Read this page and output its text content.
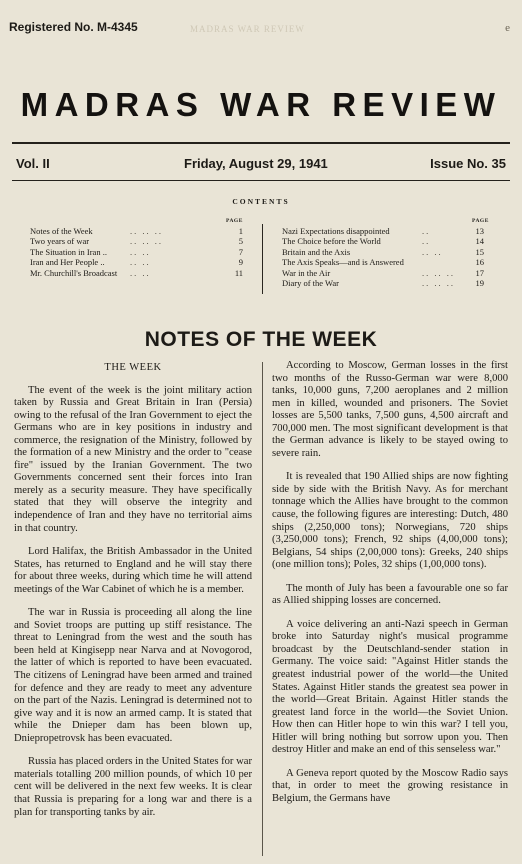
Registered No. M-4345	MADRAS WAR REVIEW	e
MADRAS WAR REVIEW
Vol. II	Friday, August 29, 1941	Issue No. 35
CONTENTS
PAGE
Notes of the Week	.. .. ..	1
Two years of war	.. .. ..	5
The Situation in Iran ..	.. ..	7
Iran and Her People ..	.. ..	9
Mr. Churchill's Broadcast .. ..	11
PAGE
Nazi Expectations disappointed	..	13
The Choice before the World	..	14
Britain and the Axis	.. ..	15
The Axis Speaks—and is Answered	16
War in the Air	.. .. ..	17
Diary of the War	.. .. ..	19
NOTES OF THE WEEK
THE WEEK

The event of the week is the joint military action taken by Russia and Great Britain in Iran (Persia) owing to the refusal of the Iran Government to eject the Germans who are in key positions in industry and commerce, the resignation of the Ministry, followed by the formation of a new Ministry and the order to "cease fire" issued by the Iranian Government. The two Governments concerned sent their forces into Iran merely as a security measure. They have specifically stated that they will observe the integrity and independence of Iran and they have no territorial aims in that country.

Lord Halifax, the British Ambassador in the United States, has returned to England and he will stay there for about three weeks, during which time he will attend meetings of the War Cabinet of which he is a member.

The war in Russia is proceeding all along the line and Soviet troops are putting up stiff resistance. The threat to Leningrad from the west and the south has been held at Kingisepp near Narva and at Novogorod, the latter of which is reported to have been evacuated. The citizens of Leningrad have been armed and trained for defence and they are ready to meet any adventure on the part of the Nazis. Leningrad is determined not to give way and it is now an armed camp. It is stated that while the Dnieper dam has been blown up, Dniepropetrovsk has been evacuated.

Russia has placed orders in the United States for war materials totalling 200 million pounds, of which 10 per cent will be delivered in the next few weeks. It is clear that Russia is preparing for a long war and there is a plan for transporting tanks by air.

According to Moscow, German losses in the first two months of the Russo-German war were 8,000 tanks, 10,000 guns, 7,200 aeroplanes and 2 million men in killed, wounded and prisoners. The Soviet losses are 5,500 tanks, 7,500 guns, 4,500 aircraft and 700,000 men. The most significant development is that the German advance is likely to be stayed owing to severe rain.

It is revealed that 190 Allied ships are now fighting side by side with the British Navy. As for merchant tonnage which the Allies have brought to the common cause, the following figures are interesting: Dutch, 480 ships (2,250,000 tons); Norwegians, 720 ships (3,250,000 tons); French, 92 ships (4,00,000 tons); Belgians, 54 ships (2,00,000 tons): Greeks, 240 ships (one million tons); Poles, 32 ships (1,00,000 tons).

The month of July has been a favourable one so far as Allied shipping losses are concerned.

A voice delivering an anti-Nazi speech in German broke into Saturday night's musical programme broadcast by the Deutschland-sender station in Germany. The voice said: "Against Hitler stands the greatest industrial power of the world—the United States. Against Hitler stands the greatest sea power in the world—Great Britain. Against Hitler stands the greatest land force in the world—the Soviet Union. How then can Hitler hope to win this war? I tell you, Hitler will bring nothing but sorrow upon you. Then destroy Hitler and make an end of this senseless war."

A Geneva report quoted by the Moscow Radio says that, in order to meet the growing resistance in Belgium, the Germans have
